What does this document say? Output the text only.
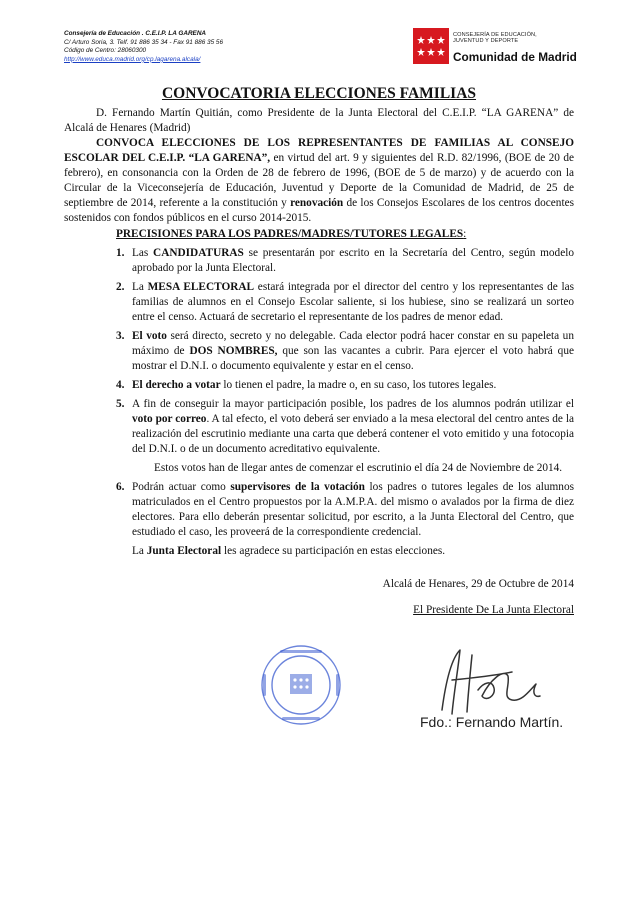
Consejería de Educación . C.E.I.P. LA GARENA
C/ Arturo Soria, 3. Telf. 91 886 35 34 - Fax 91 886 35 56
Código de Centro: 28060300
http://www.educa.madrid.org/cp.lagarena.alcala/
CONSEJERÍA DE EDUCACIÓN,
JUVENTUD Y DEPORTE
Comunidad de Madrid
CONVOCATORIA ELECCIONES FAMILIAS

D. Fernando Martín Quitián, como Presidente de la Junta Electoral del C.E.I.P. “LA GARENA” de Alcalá de Henares (Madrid)

CONVOCA ELECCIONES DE LOS REPRESENTANTES DE FAMILIAS AL CONSEJO ESCOLAR DEL C.E.I.P. “LA GARENA”, en virtud del art. 9 y siguientes del R.D. 82/1996, (BOE de 20 de febrero), en consonancia con la Orden de 28 de febrero de 1996, (BOE de 5 de marzo) y de acuerdo con la Circular de la Viceconsejería de Educación, Juventud y Deporte de la Comunidad de Madrid, de 25 de septiembre de 2014, referente a la constitución y renovación de los Consejos Escolares de los centros docentes sostenidos con fondos públicos en el curso 2014-2015.

PRECISIONES PARA LOS PADRES/MADRES/TUTORES LEGALES:

1. Las CANDIDATURAS se presentarán por escrito en la Secretaría del Centro, según modelo aprobado por la Junta Electoral.
2. La MESA ELECTORAL estará integrada por el director del centro y los representantes de las familias de alumnos en el Consejo Escolar saliente, si los hubiese, sino se realizará un sorteo entre el censo. Actuará de secretario el representante de los padres de menor edad.
3. El voto será directo, secreto y no delegable. Cada elector podrá hacer constar en su papeleta un máximo de DOS NOMBRES, que son las vacantes a cubrir. Para ejercer el voto habrá que mostrar el D.N.I. o documento equivalente y estar en el censo.
4. El derecho a votar lo tienen el padre, la madre o, en su caso, los tutores legales.
5. A fin de conseguir la mayor participación posible, los padres de los alumnos podrán utilizar el voto por correo. A tal efecto, el voto deberá ser enviado a la mesa electoral del centro antes de la realización del escrutinio mediante una carta que deberá contener el voto emitido y una fotocopia del D.N.I. o de un documento acreditativo equivalente.

Estos votos han de llegar antes de comenzar el escrutinio el día 24 de Noviembre de 2014.

6. Podrán actuar como supervisores de la votación los padres o tutores legales de los alumnos matriculados en el Centro propuestos por la A.M.P.A. del mismo o avalados por la firma de diez electores. Para ello deberán presentar solicitud, por escrito, a la Junta Electoral del Centro, que estudiado el caso, les proveerá de la correspondiente credencial.

La Junta Electoral les agradece su participación en estas elecciones.

Alcalá de Henares, 29 de Octubre de 2014
El Presidente De La Junta Electoral
Fdo.: Fernando Martín.
